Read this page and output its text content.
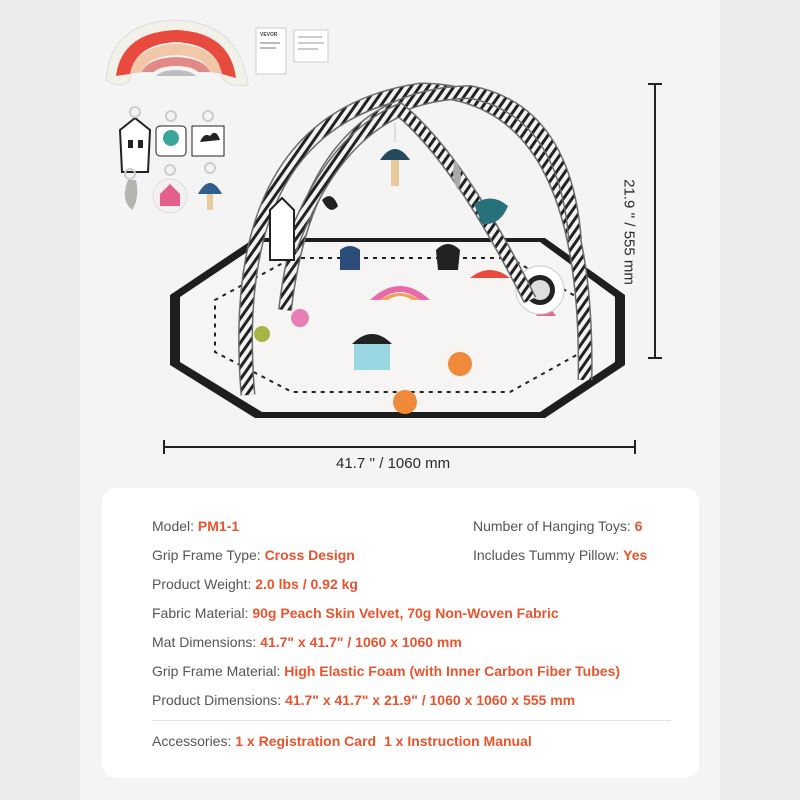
VEVOR
41.7 '' / 1060 mm
21.9 '' / 555 mm
Model: PM1-1	Number of Hanging Toys: 6
Grip Frame Type: Cross Design	Includes Tummy Pillow: Yes
Product Weight: 2.0 lbs / 0.92 kg
Fabric Material: 90g Peach Skin Velvet, 70g Non-Woven Fabric
Mat Dimensions: 41.7" x 41.7" / 1060 x 1060 mm
Grip Frame Material: High Elastic Foam (with Inner Carbon Fiber Tubes)
Product Dimensions: 41.7" x 41.7" x 21.9" / 1060 x 1060 x 555 mm
Accessories: 1 x Registration Card 1 x Instruction Manual
